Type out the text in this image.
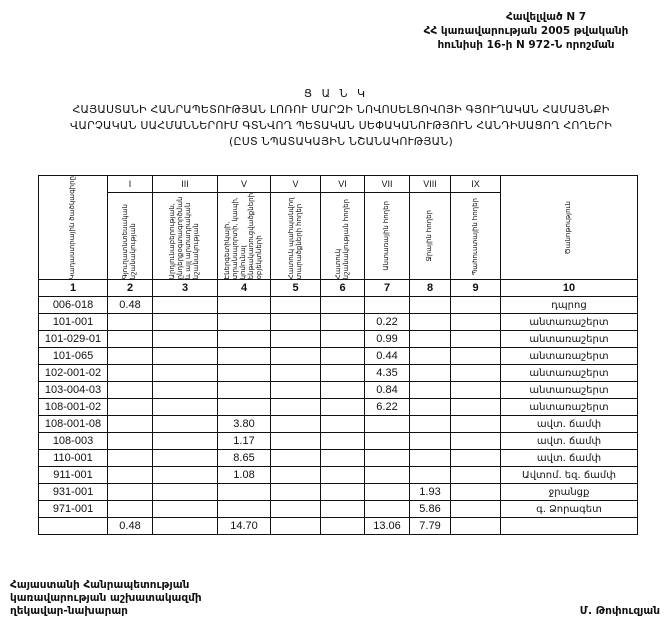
Հավելված N 7
ՀՀ կառավարության 2005 թվականի
հունիսի 16-ի N 972-Ն որոշման
Ց Ա Ն Կ
ՀԱՅԱՍՏԱՆԻ ՀԱՆՐԱՊԵՏՈՒԹՅԱՆ ԼՈՌՈՒ ՄԱՐԶԻ ՆՈՎՈՍԵԼՑՈՎՈՅԻ ԳՅՈՒՂԱԿԱՆ ՀԱՄԱՅՆՔԻ
ՎԱՐՉԱԿԱՆ ՍԱՀՄԱՆՆԵՐՈՒՄ ԳՏՆՎՈՂ ՊԵՏԱԿԱՆ ՍԵՓԱԿԱՆՈՒԹՅՈՒՆ ՀԱՆԴԻՍԱՑՈՂ ՀՈՂԵՐԻ
(ԸՍՏ ՆՊԱՏԱԿԱՅԻՆ ՆՇԱՆԱԿՈՒԹՅԱՆ)
Կադաստրային ծածկագիրը	I	III	V	V	VI	VII	VIII	IX	Ծանոթություն

	Գյուղատնտեսական նշանակության	Արդյունաբերության, ընդերքօգտագործման և այլ արտադրական նշանակության	Էներգետիկայի, տրանսպորտի, կապի, կոմունալ ենթակառուցվածքների օբյեկտների	Հատուկ պահպանվող տարածքների հողեր	Հատուկ նշանակության հողեր	Անտառային հողեր	Ջրային հողեր	Պահուստային հողեր	

1	2	3	4	5	6	7	8	9	10
006-018	0.48								դպրոց
101-001						0.22			անտառաշերտ
101-029-01						0.99			անտառաշերտ
101-065						0.44			անտառաշերտ
102-001-02						4.35			անտառաշերտ
103-004-03						0.84			անտառաշերտ
108-001-02						6.22			անտառաշերտ
108-001-08			3.80						ավտ. ճամփ
108-003			1.17						ավտ. ճամփ
110-001			8.65						ավտ. ճամփ
911-001			1.08						Ավտոմ. եզ. ճամփ
931-001							1.93		ջրանցք
971-001							5.86		գ. Ձորագետ
	0.48		14.70			13.06	7.79		
Հայաստանի Հանրապետության
կառավարության աշխատակազմի
ղեկավար-նախարար	Մ. Թոփուզյան
